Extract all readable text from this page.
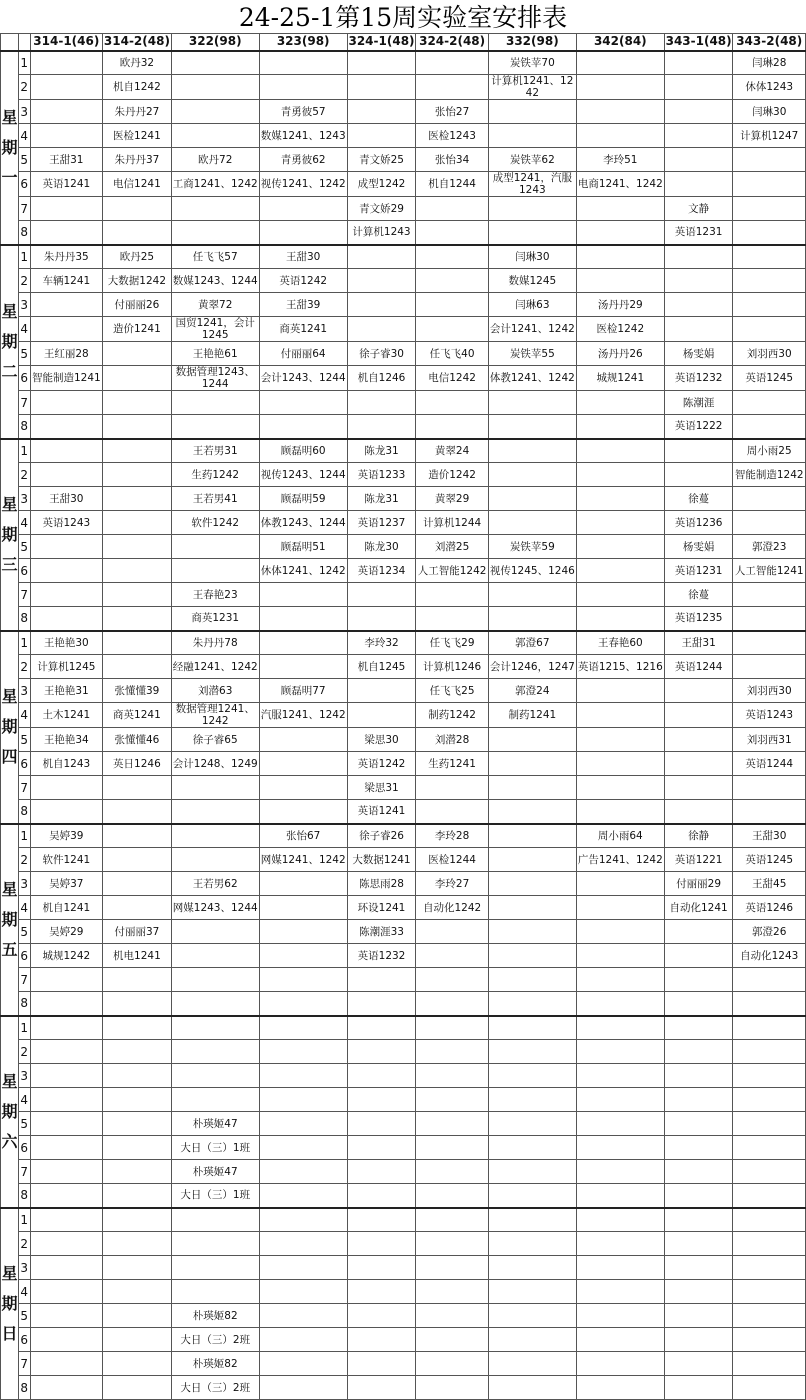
24-25-1第15周实验室安排表
		314-1(46)	314-2(48)	322(98)	323(98)	324-1(48)	324-2(48)	332(98)	342(84)	343-1(48)	343-2(48)

星
期
一	1		欧丹32					炭铁苹70			闫琳28
	2		机自1242					计算机1241、1242			休体1243
	3		朱丹丹27		青勇彼57		张怡27				闫琳30
	4		医检1241		数媒1241、1243		医检1243				计算机1247
	5	王甜31	朱丹丹37	欧丹72	青勇彼62	青文娇25	张怡34	炭铁苹62	李玲51		
	6	英语1241	电信1241	工商1241、1242	视传1241、1242	成型1242	机自1244	成型1241，汽服1243	电商1241、1242		
	7					青文娇29				文静	
	8					计算机1243				英语1231	

星
期
二	1	朱丹丹35	欧丹25	任飞飞57	王甜30			闫琳30			
	2	车辆1241	大数据1242	数媒1243、1244	英语1242			数媒1245			
	3		付丽丽26	黄翠72	王甜39			闫琳63	汤丹丹29		
	4		造价1241	国贸1241，会计1245	商英1241			会计1241、1242	医检1242		
	5	王红丽28		王艳艳61	付丽丽64	徐子睿30	任飞飞40	炭铁苹55	汤丹丹26	杨雯娟	刘羽西30
	6	智能制造1241		数据管理1243、1244	会计1243、1244	机自1246	电信1242	体教1241、1242	城规1241	英语1232	英语1245
	7									陈潮涯	
	8									英语1222	

星
期
三	1			王若男31	顾磊明60	陈龙31	黄翠24				周小雨25
	2			生药1242	视传1243、1244	英语1233	造价1242				智能制造1242
	3	王甜30		王若男41	顾磊明59	陈龙31	黄翠29			徐蔓	
	4	英语1243		软件1242	体教1243、1244	英语1237	计算机1244			英语1236	
	5				顾磊明51	陈龙30	刘潜25	炭铁苹59		杨雯娟	郭澄23
	6				休体1241、1242	英语1234	人工智能1242	视传1245、1246		英语1231	人工智能1241
	7			王春艳23						徐蔓	
	8			商英1231						英语1235	

星
期
四	1	王艳艳30		朱丹丹78		李玲32	任飞飞29	郭澄67	王春艳60	王甜31	
	2	计算机1245		经融1241、1242		机自1245	计算机1246	会计1246，1247	英语1215、1216	英语1244	
	3	王艳艳31	张懂懂39	刘潜63	顾磊明77		任飞飞25	郭澄24			刘羽西30
	4	土木1241	商英1241	数据管理1241、1242	汽服1241、1242		制药1242	制药1241			英语1243
	5	王艳艳34	张懂懂46	徐子睿65		梁思30	刘潜28				刘羽西31
	6	机自1243	英日1246	会计1248、1249		英语1242	生药1241				英语1244
	7					梁思31					
	8					英语1241					

星
期
五	1	吴婷39			张怡67	徐子睿26	李玲28		周小雨64	徐静	王甜30
	2	软件1241			网媒1241、1242	大数据1241	医检1244		广告1241、1242	英语1221	英语1245
	3	吴婷37		王若男62		陈思雨28	李玲27			付丽丽29	王甜45
	4	机自1241		网媒1243、1244		环设1241	自动化1242			自动化1241	英语1246
	5	吴婷29	付丽丽37			陈潮涯33					郭澄26
	6	城规1242	机电1241			英语1232					自动化1243
	7										
	8										

星
期
六	1										
	2										
	3										
	4										
	5			朴瑛姬47							
	6			大日（三）1班							
	7			朴瑛姬47							
	8			大日（三）1班							

星
期
日	1										
	2										
	3										
	4										
	5			朴瑛姬82							
	6			大日（三）2班							
	7			朴瑛姬82							
	8			大日（三）2班							
